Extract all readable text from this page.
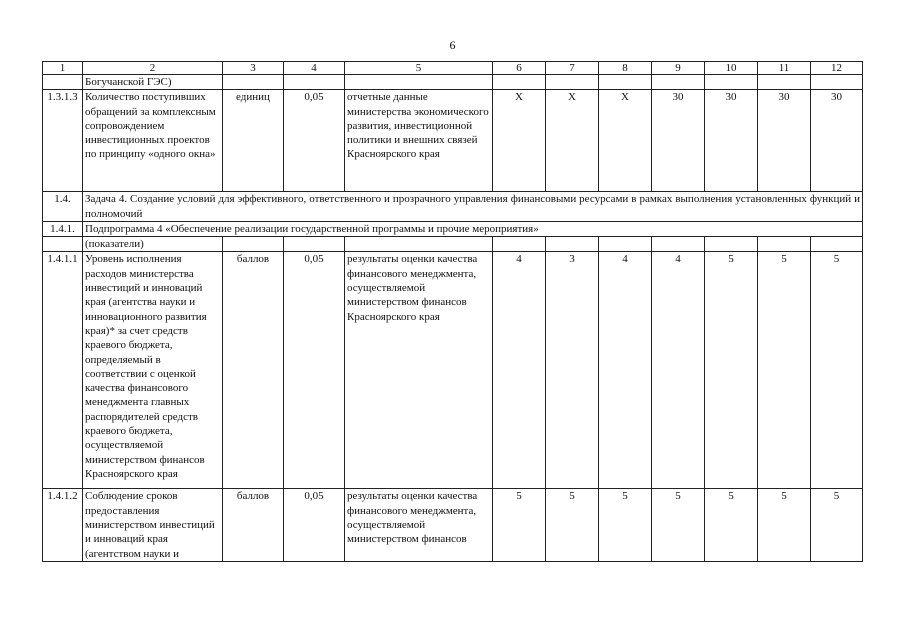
6
1	2	3	4	5	6	7	8	9	10	11	12
	Богучанской ГЭС)										
1.3.1.3	Количество поступивших обращений за комплексным сопровождением инвестиционных проектов по принципу «одного окна»	единиц	0,05	отчетные данные министерства экономического развития, инвестиционной политики и внешних связей Красноярского края	X	X	X	30	30	30	30
1.4.	Задача 4. Создание условий для эффективного, ответственного и прозрачного управления финансовыми ресурсами в рамках выполнения установленных функций и полномочий										
1.4.1.	Подпрограмма 4 «Обеспечение реализации государственной программы и прочие мероприятия»										
	(показатели)										
1.4.1.1	Уровень исполнения расходов министерства инвестиций и инноваций края (агентства науки и инновационного развития края)* за счет средств краевого бюджета, определяемый в соответствии с оценкой качества финансового менеджмента главных распорядителей средств краевого бюджета, осуществляемой министерством финансов Красноярского края	баллов	0,05	результаты оценки качества финансового менеджмента, осуществляемой министерством финансов Красноярского края	4	3	4	4	5	5	5
1.4.1.2	Соблюдение сроков предоставления министерством инвестиций и инноваций края (агентством науки и	баллов	0,05	результаты оценки качества финансового менеджмента, осуществляемой министерством финансов	5	5	5	5	5	5	5
